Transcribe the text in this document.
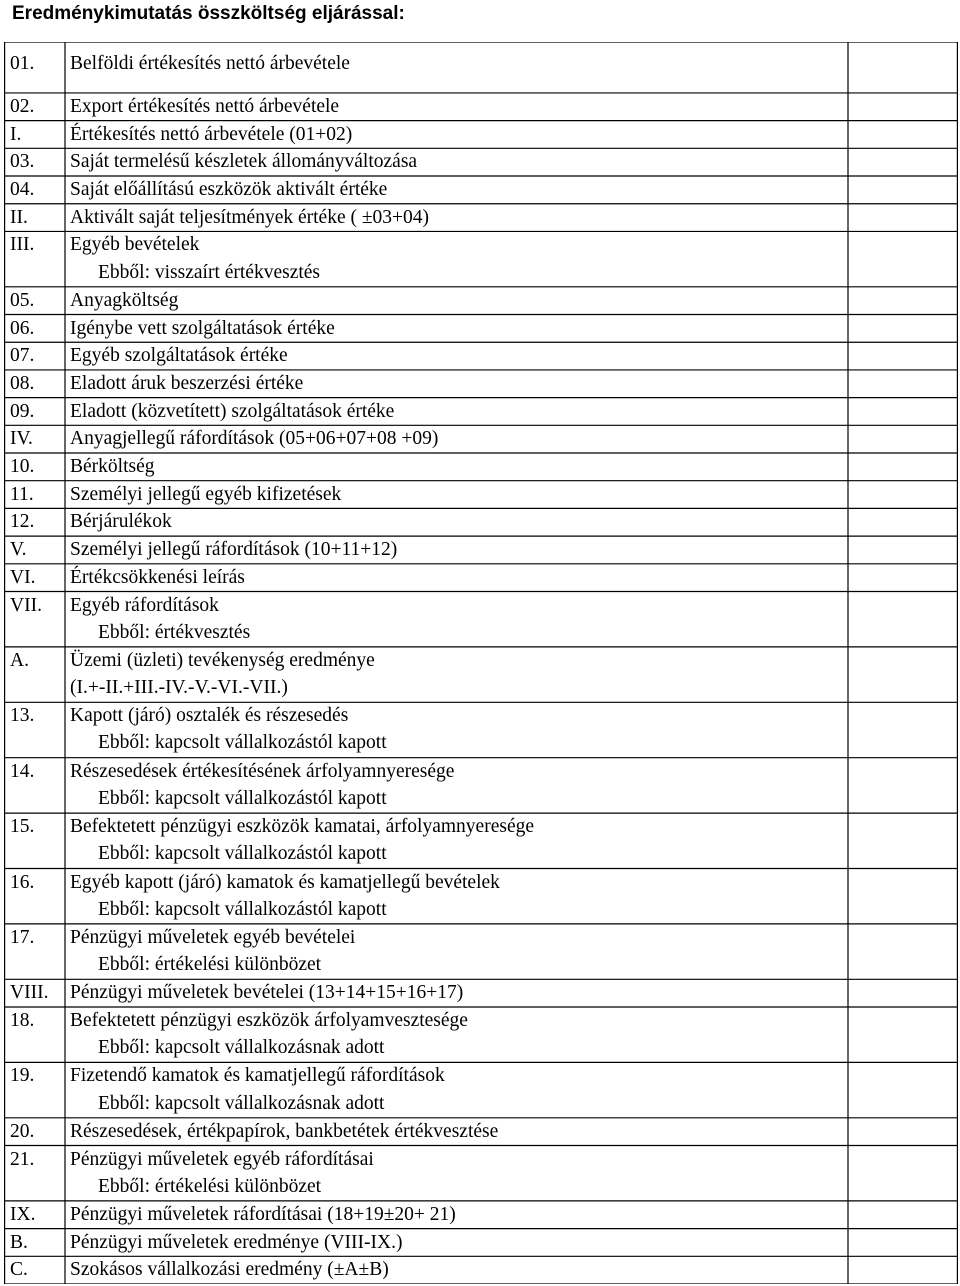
Eredménykimutatás összköltség eljárással:
01. Belföldi értékesítés nettó árbevétele
02. Export értékesítés nettó árbevétele
I. Értékesítés nettó árbevétele (01+02)
03. Saját termelésű készletek állományváltozása
04. Saját előállítású eszközök aktivált értéke
II. Aktivált saját teljesítmények értéke ( ±03+04)
III. Egyéb bevételek
Ebből: visszaírt értékvesztés
05. Anyagköltség
06. Igénybe vett szolgáltatások értéke
07. Egyéb szolgáltatások értéke
08. Eladott áruk beszerzési értéke
09. Eladott (közvetített) szolgáltatások értéke
IV. Anyagjellegű ráfordítások (05+06+07+08 +09)
10. Bérköltség
11. Személyi jellegű egyéb kifizetések
12. Bérjárulékok
V. Személyi jellegű ráfordítások (10+11+12)
VI. Értékcsökkenési leírás
VII. Egyéb ráfordítások
Ebből: értékvesztés
A. Üzemi (üzleti) tevékenység eredménye
(I.+-II.+III.-IV.-V.-VI.-VII.)
13. Kapott (járó) osztalék és részesedés
Ebből: kapcsolt vállalkozástól kapott
14. Részesedések értékesítésének árfolyamnyeresége
Ebből: kapcsolt vállalkozástól kapott
15. Befektetett pénzügyi eszközök kamatai, árfolyamnyeresége
Ebből: kapcsolt vállalkozástól kapott
16. Egyéb kapott (járó) kamatok és kamatjellegű bevételek
Ebből: kapcsolt vállalkozástól kapott
17. Pénzügyi műveletek egyéb bevételei
Ebből: értékelési különbözet
VIII. Pénzügyi műveletek bevételei (13+14+15+16+17)
18. Befektetett pénzügyi eszközök árfolyamvesztesége
Ebből: kapcsolt vállalkozásnak adott
19. Fizetendő kamatok és kamatjellegű ráfordítások
Ebből: kapcsolt vállalkozásnak adott
20. Részesedések, értékpapírok, bankbetétek értékvesztése
21. Pénzügyi műveletek egyéb ráfordításai
Ebből: értékelési különbözet
IX. Pénzügyi műveletek ráfordításai (18+19±20+ 21)
B. Pénzügyi műveletek eredménye (VIII-IX.)
C. Szokásos vállalkozási eredmény (±A±B)
